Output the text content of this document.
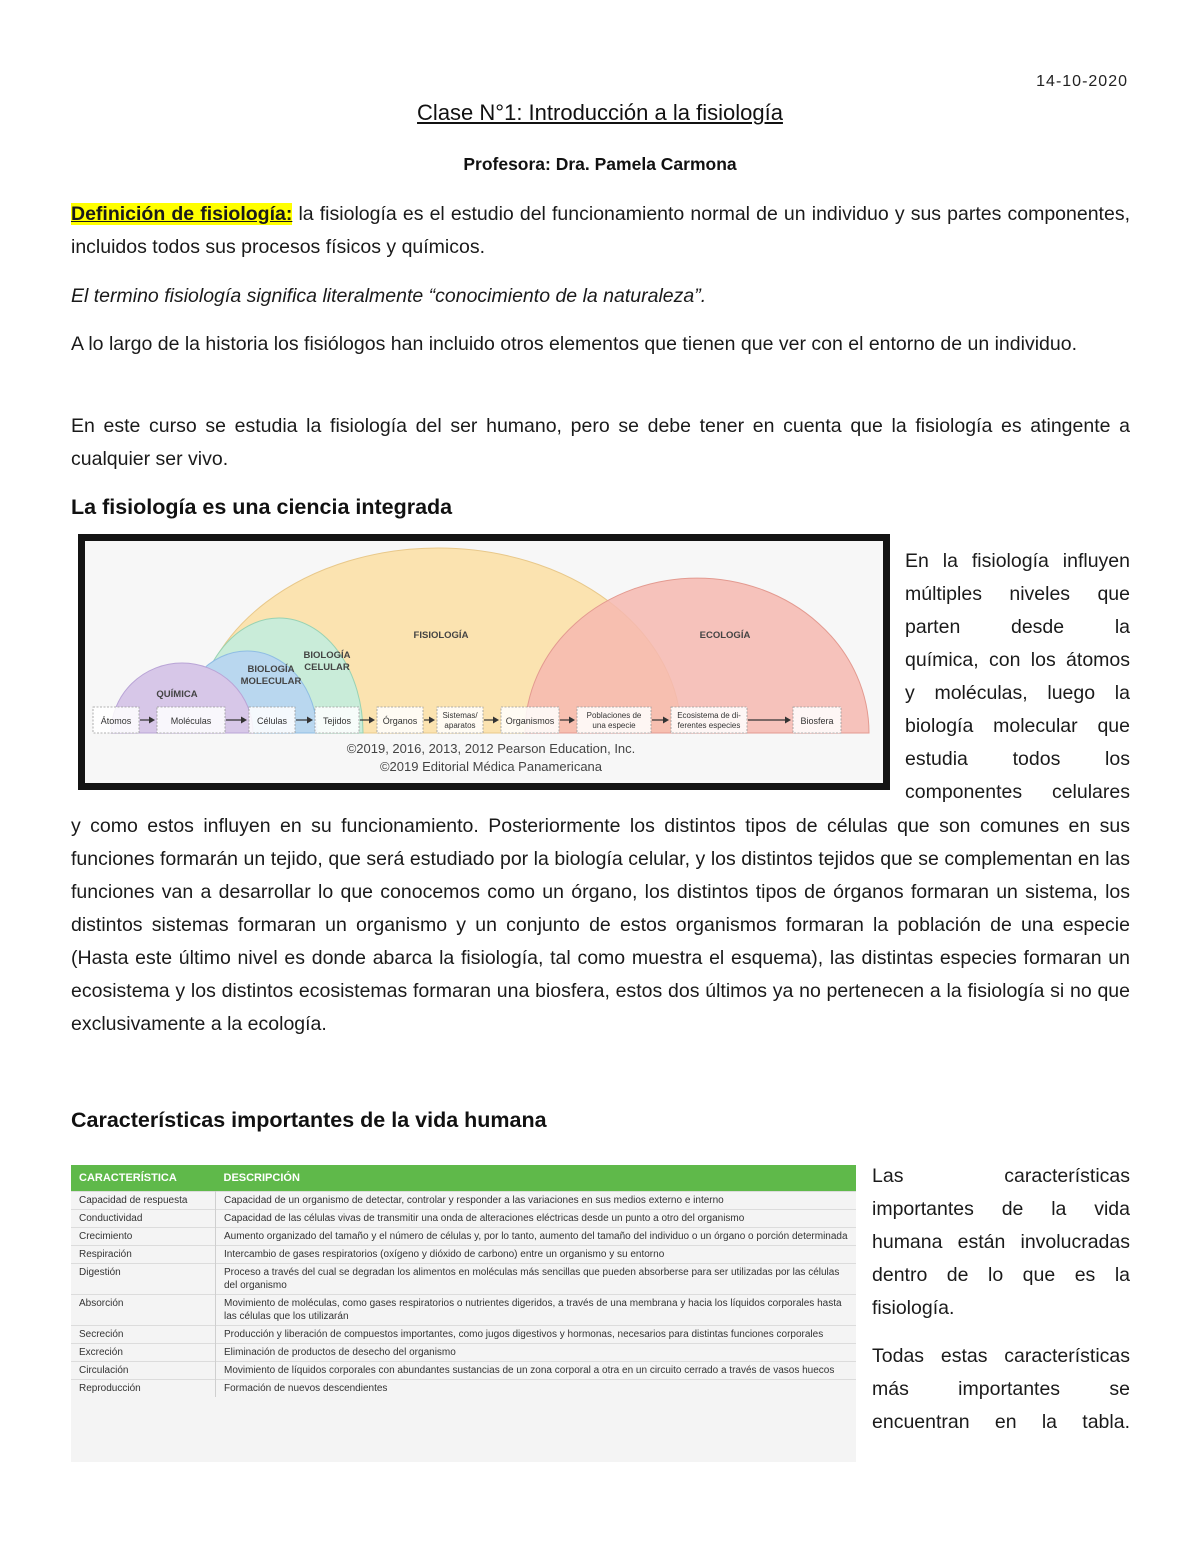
14-10-2020
Clase N°1: Introducción a la fisiología
Profesora: Dra. Pamela Carmona
Definición de fisiología: la fisiología es el estudio del funcionamiento normal de un individuo y sus partes componentes, incluidos todos sus procesos físicos y químicos.
El termino fisiología significa literalmente “conocimiento de la naturaleza”.
A lo largo de la historia los fisiólogos han incluido otros elementos que tienen que ver con el entorno de un individuo.
En este curso se estudia la fisiología del ser humano, pero se debe tener en cuenta que la fisiología es atingente a cualquier ser vivo.
La fisiología es una ciencia integrada
FISIOLOGÍA	ECOLOGÍA
BIOLOGÍA
CELULAR
BIOLOGÍA
MOLECULAR
QUÍMICA
Átomos	Moléculas	Células	Tejidos	Órganos
Sistemas/
aparatos	Organismos
Poblaciones de
una especie
Ecosistema de di-
ferentes especies	Biosfera
©2019, 2016, 2013, 2012 Pearson Education, Inc.
©2019 Editorial Médica Panamericana
En la fisiología influyen
múltiples niveles que
parten desde la
química, con los átomos
y moléculas, luego la
biología molecular que
estudia todos los
componentes celulares
y como estos influyen en su funcionamiento. Posteriormente los distintos tipos de células que son comunes en sus funciones formarán un tejido, que será estudiado por la biología celular, y los distintos tejidos que se complementan en las funciones van a desarrollar lo que conocemos como un órgano, los distintos tipos de órganos formaran un sistema, los distintos sistemas formaran un organismo y un conjunto de estos organismos formaran la población de una especie (Hasta este último nivel es donde abarca la fisiología, tal como muestra el esquema), las distintas especies formaran un ecosistema y los distintos ecosistemas formaran una biosfera, estos dos últimos ya no pertenecen a la fisiología si no que exclusivamente a la ecología.
Características importantes de la vida humana
CARACTERÍSTICA	DESCRIPCIÓN
Capacidad de respuesta	Capacidad de un organismo de detectar, controlar y responder a las variaciones en sus medios externo e interno
Conductividad	Capacidad de las células vivas de transmitir una onda de alteraciones eléctricas desde un punto a otro del organismo
Crecimiento	Aumento organizado del tamaño y el número de células y, por lo tanto, aumento del tamaño del individuo o un órgano o porción determinada
Respiración	Intercambio de gases respiratorios (oxígeno y dióxido de carbono) entre un organismo y su entorno
Digestión	Proceso a través del cual se degradan los alimentos en moléculas más sencillas que pueden absorberse para ser utilizadas por las células del organismo
Absorción	Movimiento de moléculas, como gases respiratorios o nutrientes digeridos, a través de una membrana y hacia los líquidos corporales hasta las células que los utilizarán
Secreción	Producción y liberación de compuestos importantes, como jugos digestivos y hormonas, necesarios para distintas funciones corporales
Excreción	Eliminación de productos de desecho del organismo
Circulación	Movimiento de líquidos corporales con abundantes sustancias de un zona corporal a otra en un circuito cerrado a través de vasos huecos
Reproducción	Formación de nuevos descendientes

Las características importantes de la vida humana están involucradas dentro de lo que es la fisiología.

Todas estas características más importantes se encuentran en la tabla.
